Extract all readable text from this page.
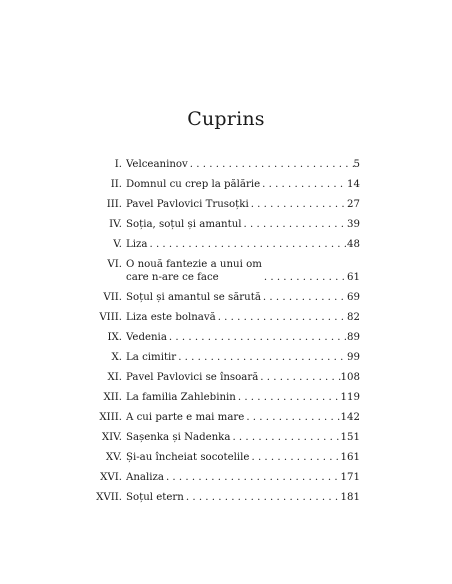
Cuprins
I. Velceaninov . . .	5
II. Domnul cu crep la pălărie . . .	14
III. Pavel Pavlovici Trusoțki . . .	27
IV. Soția, soțul și amantul . . .	39
V. Liza . . .	48
VI. O nouă fantezie a unui om
care n-are ce face . . .	61
VII. Soțul și amantul se sărută . . .	69
VIII. Liza este bolnavă . . .	82
IX. Vedenia . . .	89
X. La cimitir . . .	99
XI. Pavel Pavlovici se însoară . . .	108
XII. La familia Zahlebinin . . .	119
XIII. A cui parte e mai mare . . .	142
XIV. Sașenka și Nadenka . . .	151
XV. Și-au încheiat socotelile . . .	161
XVI. Analiza . . .	171
XVII. Soțul etern . . .	181
